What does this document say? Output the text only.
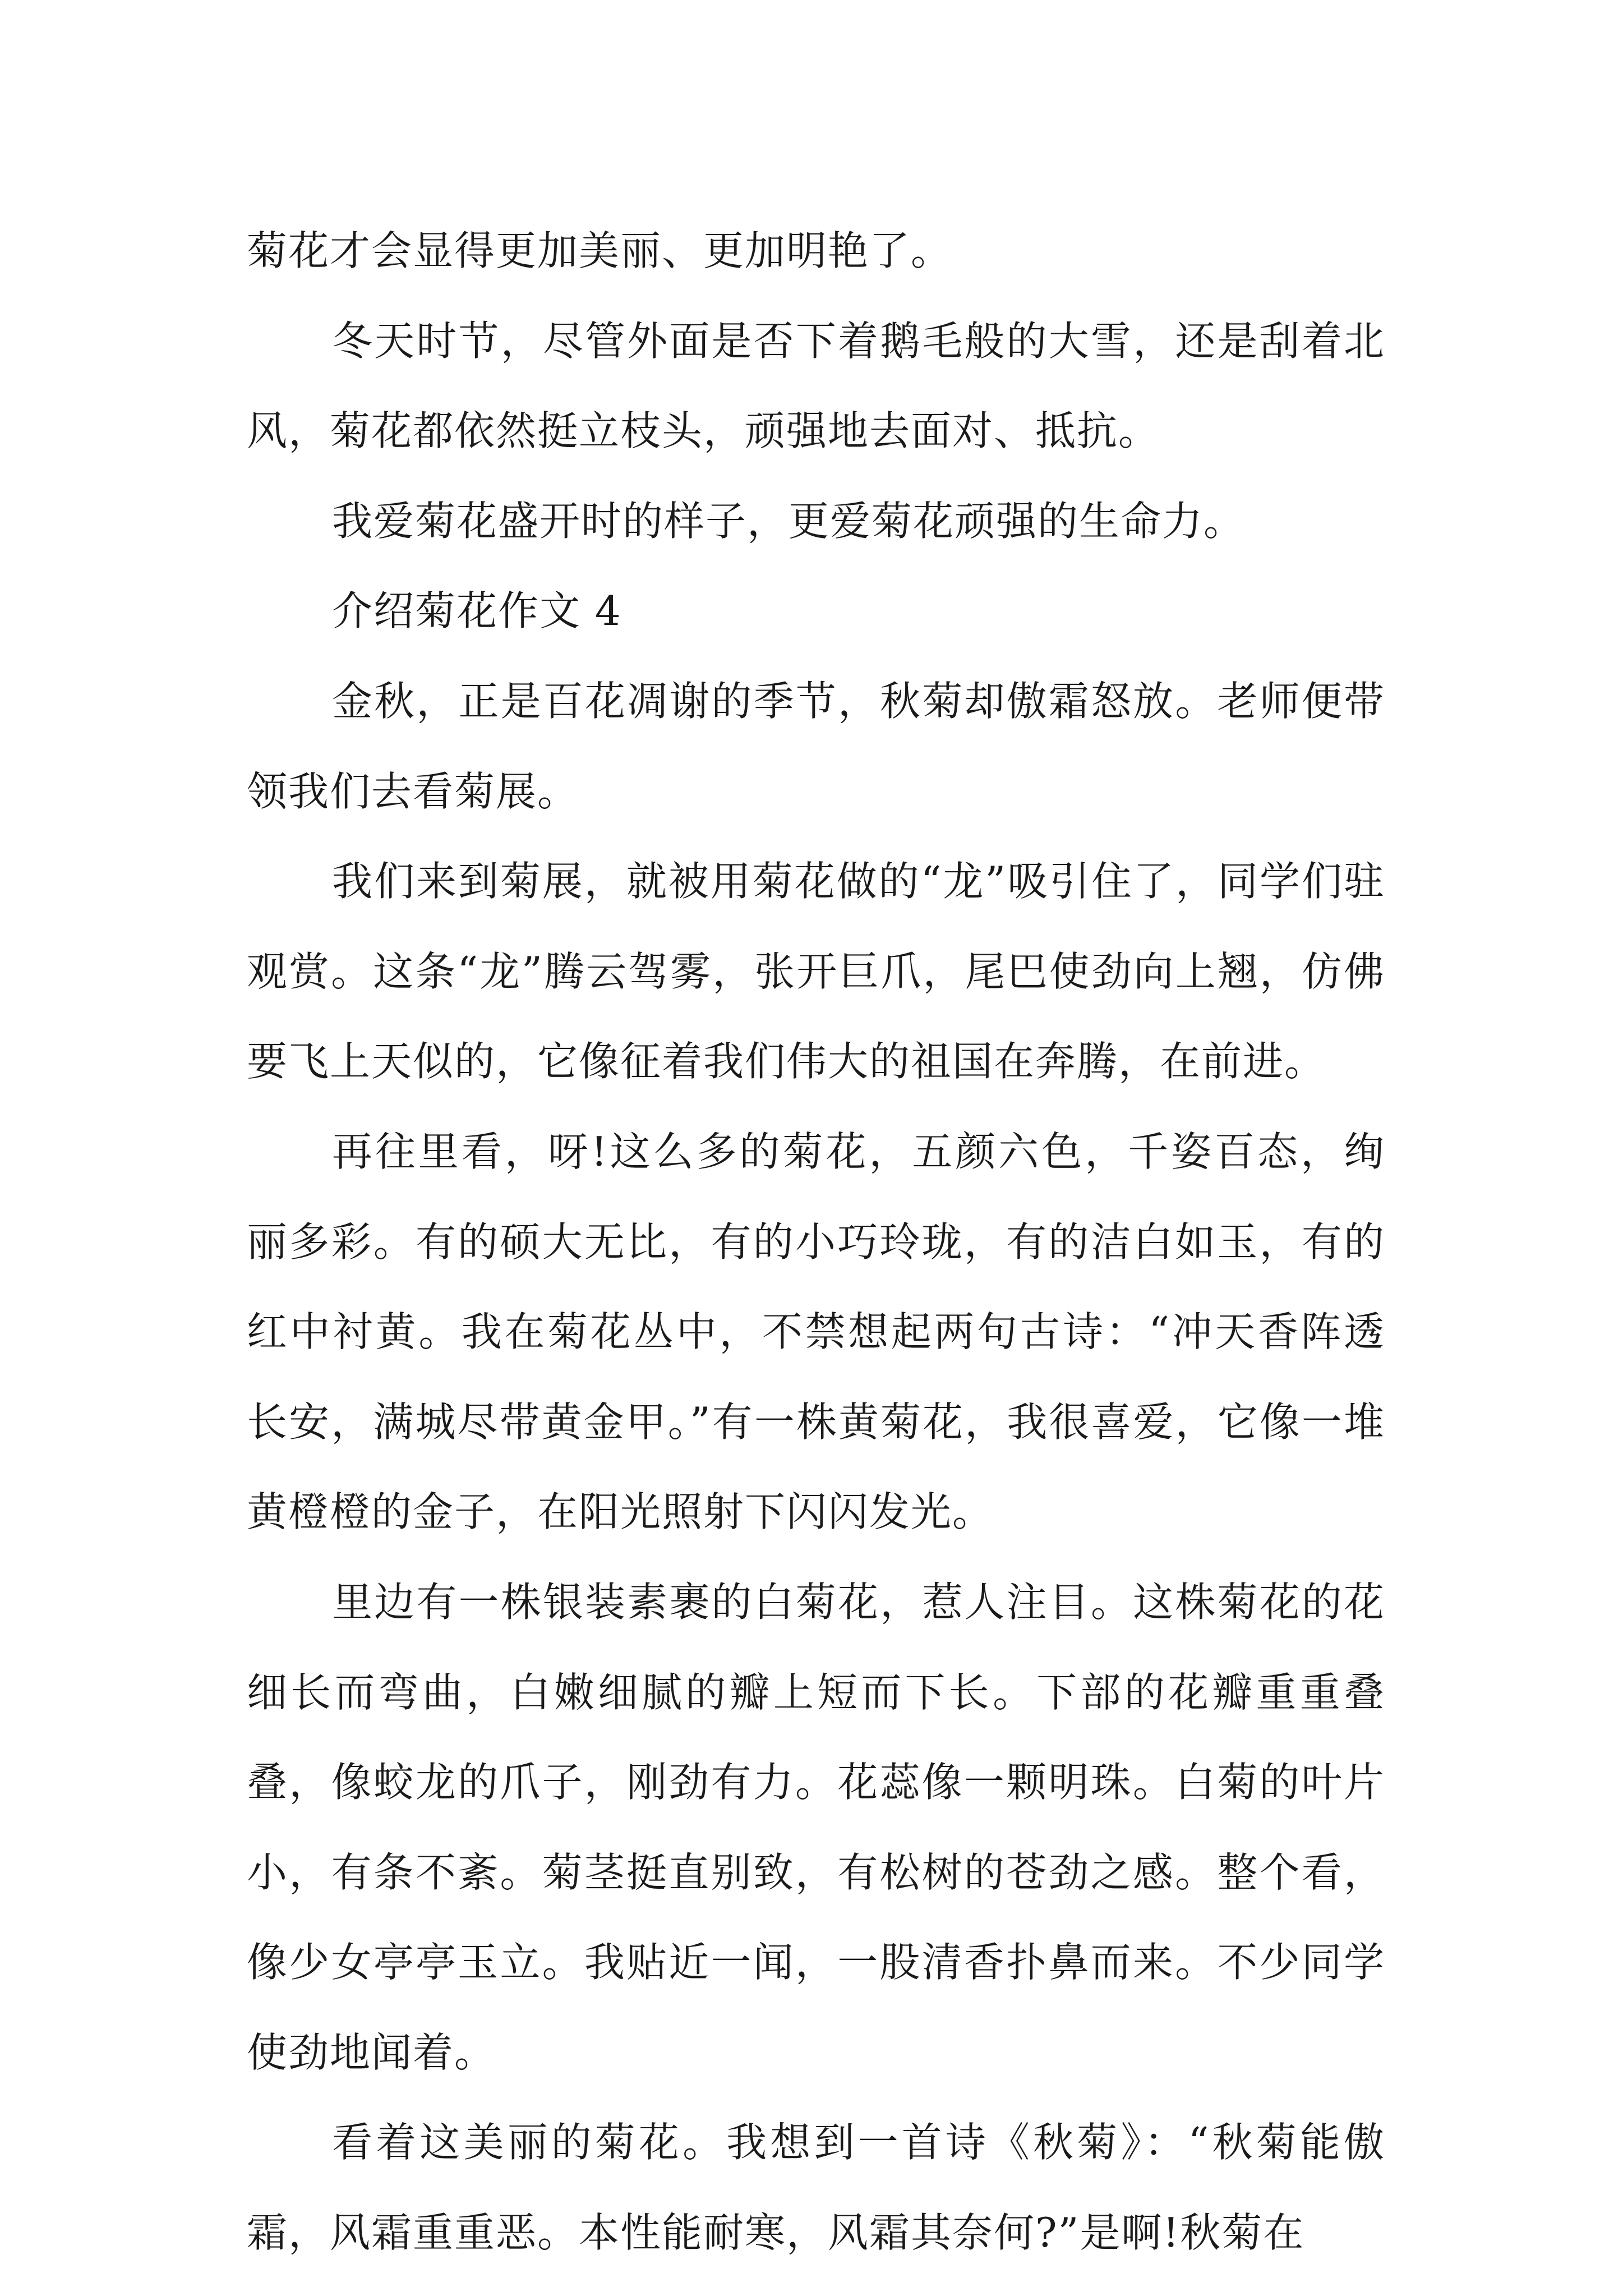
菊花才会显得更加美丽、更加明艳了。

冬天时节，尽管外面是否下着鹅毛般的大雪，还是刮着北风，菊花都依然挺立枝头，顽强地去面对、抵抗。

我爱菊花盛开时的样子，更爱菊花顽强的生命力。

介绍菊花作文 4

金秋，正是百花凋谢的季节，秋菊却傲霜怒放。老师便带领我们去看菊展。

我们来到菊展，就被用菊花做的“龙”吸引住了，同学们驻观赏。这条“龙”腾云驾雾，张开巨爪，尾巴使劲向上翘，仿佛要飞上天似的，它像征着我们伟大的祖国在奔腾，在前进。

再往里看，呀!这么多的菊花，五颜六色，千姿百态，绚丽多彩。有的硕大无比，有的小巧玲珑，有的洁白如玉，有的红中衬黄。我在菊花丛中，不禁想起两句古诗：“冲天香阵透长安，满城尽带黄金甲。”有一株黄菊花，我很喜爱，它像一堆黄橙橙的金子，在阳光照射下闪闪发光。

里边有一株银装素裹的白菊花，惹人注目。这株菊花的花细长而弯曲，白嫩细腻的瓣上短而下长。下部的花瓣重重叠叠，像蛟龙的爪子，刚劲有力。花蕊像一颗明珠。白菊的叶片小，有条不紊。菊茎挺直别致，有松树的苍劲之感。整个看，像少女亭亭玉立。我贴近一闻，一股清香扑鼻而来。不少同学使劲地闻着。

看着这美丽的菊花。我想到一首诗《秋菊》：“秋菊能傲霜，风霜重重恶。本性能耐寒，风霜其奈何?”是啊!秋菊在
